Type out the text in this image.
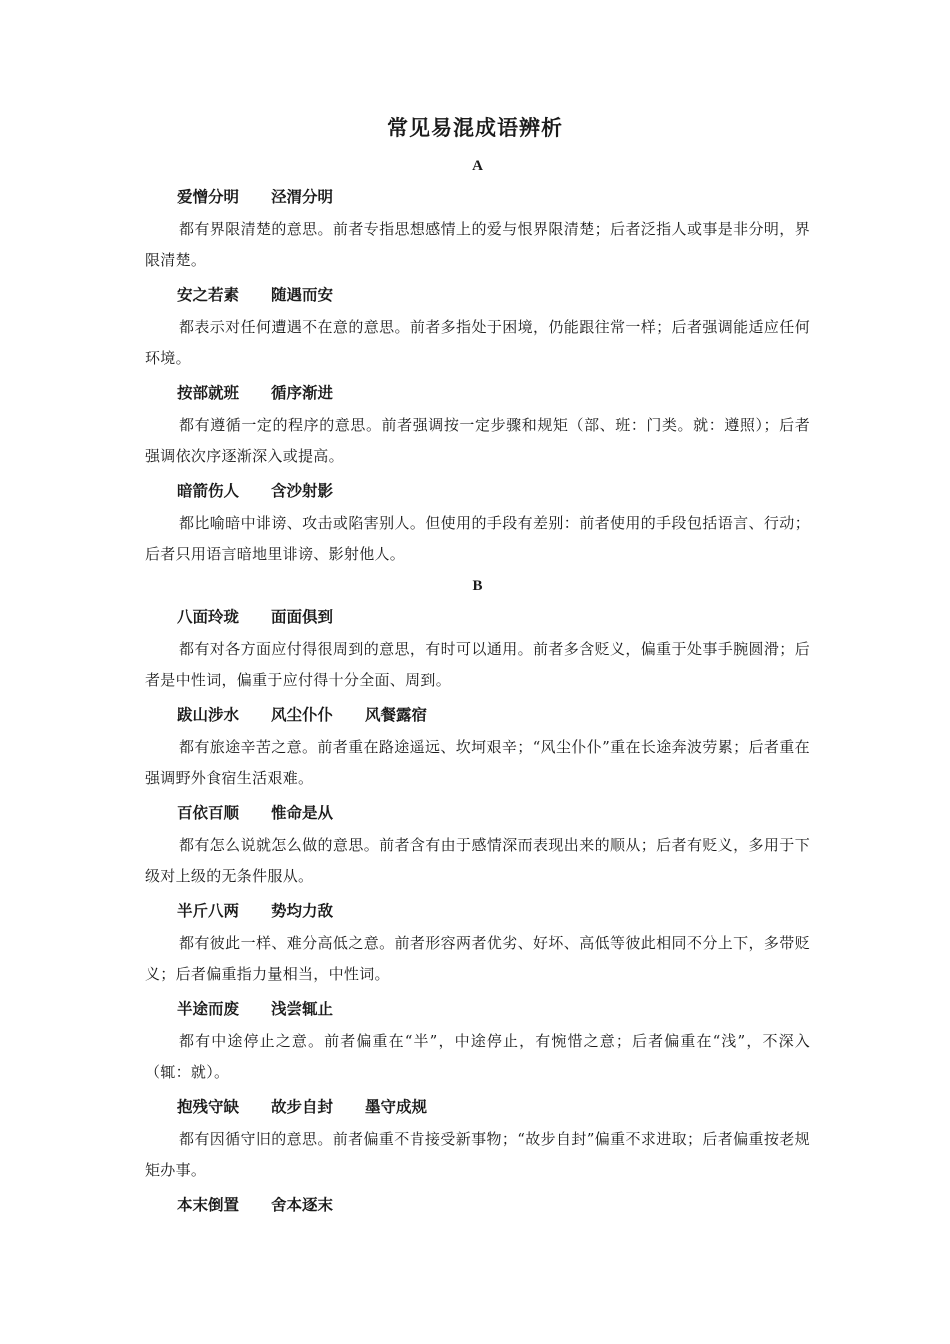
常见易混成语辨析
A
爱憎分明 泾渭分明

都有界限清楚的意思。前者专指思想感情上的爱与恨界限清楚；后者泛指人或事是非分明，界限清楚。

安之若素 随遇而安

都表示对任何遭遇不在意的意思。前者多指处于困境，仍能跟往常一样；后者强调能适应任何环境。

按部就班 循序渐进

都有遵循一定的程序的意思。前者强调按一定步骤和规矩（部、班：门类。就：遵照）；后者强调依次序逐渐深入或提高。

暗箭伤人 含沙射影

都比喻暗中诽谤、攻击或陷害别人。但使用的手段有差别：前者使用的手段包括语言、行动；后者只用语言暗地里诽谤、影射他人。

B
八面玲珑 面面俱到

都有对各方面应付得很周到的意思，有时可以通用。前者多含贬义，偏重于处事手腕圆滑；后者是中性词，偏重于应付得十分全面、周到。

跋山涉水 风尘仆仆 风餐露宿

都有旅途辛苦之意。前者重在路途遥远、坎坷艰辛；“风尘仆仆”重在长途奔波劳累；后者重在强调野外食宿生活艰难。

百依百顺 惟命是从

都有怎么说就怎么做的意思。前者含有由于感情深而表现出来的顺从；后者有贬义，多用于下级对上级的无条件服从。

半斤八两 势均力敌

都有彼此一样、难分高低之意。前者形容两者优劣、好坏、高低等彼此相同不分上下，多带贬义；后者偏重指力量相当，中性词。

半途而废 浅尝辄止

都有中途停止之意。前者偏重在“半”，中途停止，有惋惜之意；后者偏重在“浅”，不深入（辄：就）。

抱残守缺 故步自封 墨守成规

都有因循守旧的意思。前者偏重不肯接受新事物；“故步自封”偏重不求进取；后者偏重按老规矩办事。

本末倒置 舍本逐末
